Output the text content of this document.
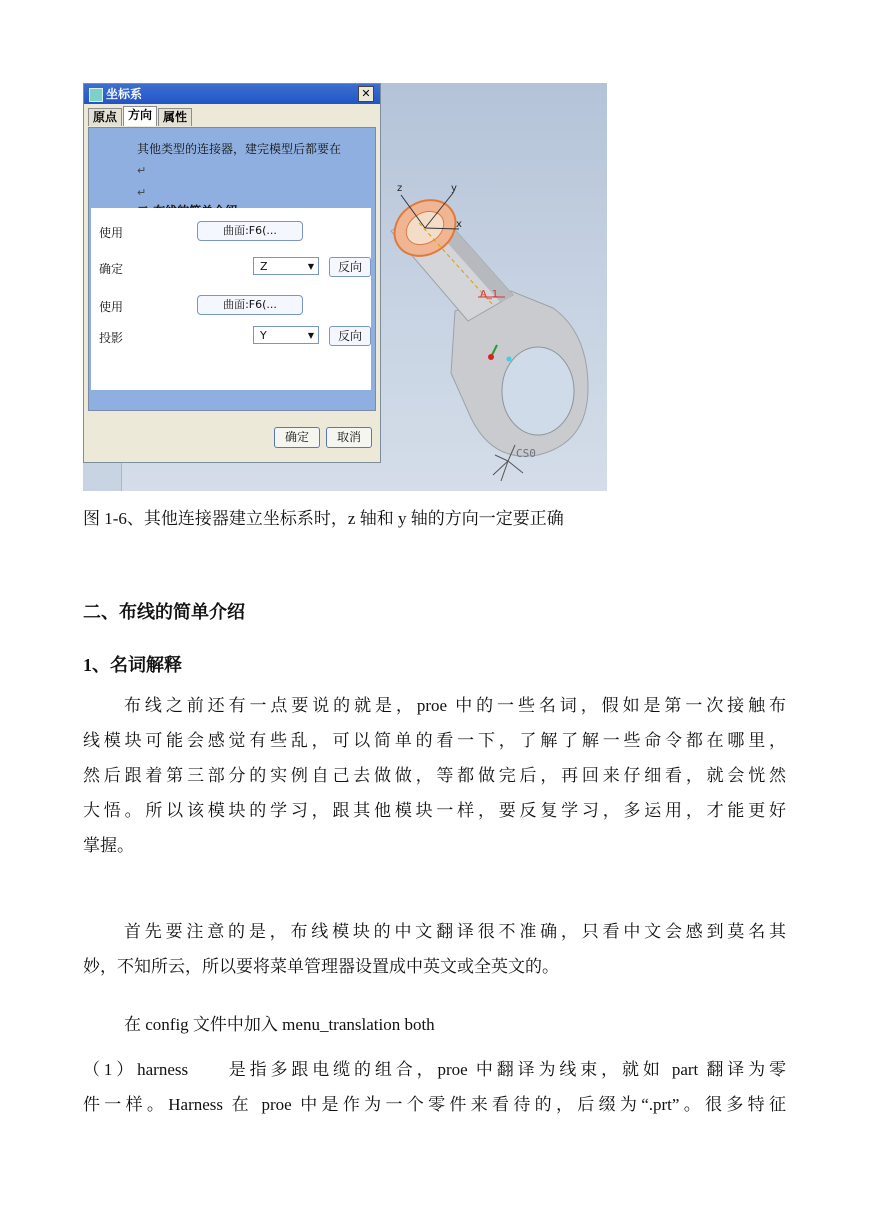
z	y
x
A_1
CS0
坐标系	✕
原点 方向 属性
其他类型的连接器，建完模型后都要在
↵
↵
使用	曲面:F6(...
确定	Z	▼	反向
使用	曲面:F6(...
投影	Y	▼	反向
确定	取消
图 1-6、其他连接器建立坐标系时，z 轴和 y 轴的方向一定要正确
二、布线的简单介绍
1、名词解释
布线之前还有一点要说的就是，proe 中的一些名词，假如是第一次接触布
线模块可能会感觉有些乱，可以简单的看一下，了解了解一些命令都在哪里，
然后跟着第三部分的实例自己去做做，等都做完后，再回来仔细看，就会恍然
大悟。所以该模块的学习，跟其他模块一样，要反复学习，多运用，才能更好
掌握。
首先要注意的是，布线模块的中文翻译很不准确，只看中文会感到莫名其
妙，不知所云，所以要将菜单管理器设置成中英文或全英文的。
在 config 文件中加入 menu_translation both
（1）harness     是指多跟电缆的组合，proe 中翻译为线束，就如 part 翻译为零
件一样。Harness 在 proe 中是作为一个零件来看待的，后缀为“.prt”。很多特征
